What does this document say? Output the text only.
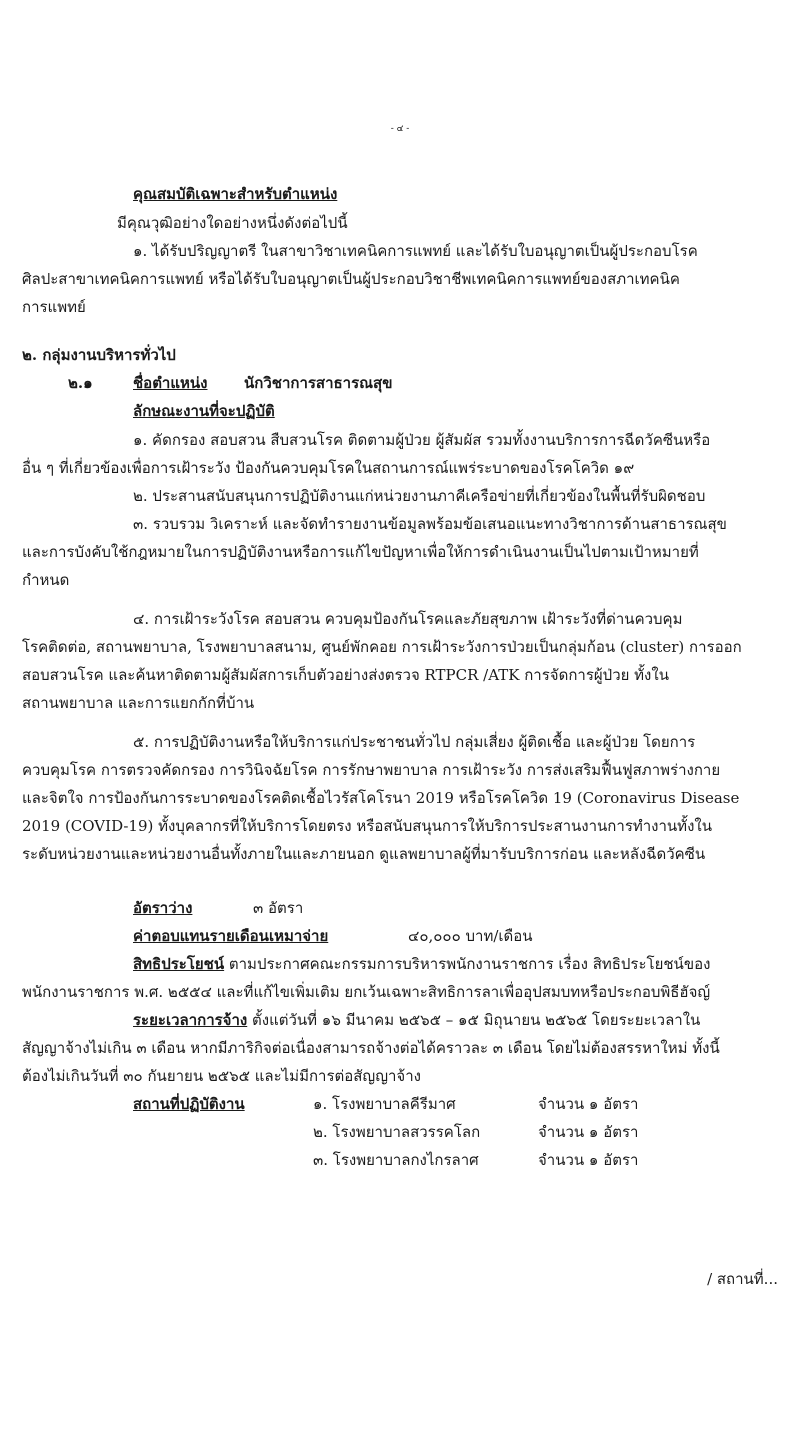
- ๔ -
คุณสมบัติเฉพาะสำหรับตำแหน่ง
มีคุณวุฒิอย่างใดอย่างหนึ่งดังต่อไปนี้
๑. ได้รับปริญญาตรี ในสาขาวิชาเทคนิคการแพทย์ และได้รับใบอนุญาตเป็นผู้ประกอบโรค
ศิลปะสาขาเทคนิคการแพทย์ หรือได้รับใบอนุญาตเป็นผู้ประกอบวิชาชีพเทคนิคการแพทย์ของสภาเทคนิค
การแพทย์
๒. กลุ่มงานบริหารทั่วไป
๒.๑	ชื่อตำแหน่ง นักวิชาการสาธารณสุข
ลักษณะงานที่จะปฏิบัติ
๑. คัดกรอง สอบสวน สืบสวนโรค ติดตามผู้ป่วย ผู้สัมผัส รวมทั้งงานบริการการฉีดวัคซีนหรือ
อื่น ๆ ที่เกี่ยวข้องเพื่อการเฝ้าระวัง ป้องกันควบคุมโรคในสถานการณ์แพร่ระบาดของโรคโควิด ๑๙
๒. ประสานสนับสนุนการปฏิบัติงานแก่หน่วยงานภาคีเครือข่ายที่เกี่ยวข้องในพื้นที่รับผิดชอบ
๓. รวบรวม วิเคราะห์ และจัดทำรายงานข้อมูลพร้อมข้อเสนอแนะทางวิชาการด้านสาธารณสุข
และการบังคับใช้กฎหมายในการปฏิบัติงานหรือการแก้ไขปัญหาเพื่อให้การดำเนินงานเป็นไปตามเป้าหมายที่
กำหนด
๔. การเฝ้าระวังโรค สอบสวน ควบคุมป้องกันโรคและภัยสุขภาพ เฝ้าระวังที่ด่านควบคุม
โรคติดต่อ, สถานพยาบาล, โรงพยาบาลสนาม, ศูนย์พักคอย การเฝ้าระวังการป่วยเป็นกลุ่มก้อน (cluster) การออก
สอบสวนโรค และค้นหาติดตามผู้สัมผัสการเก็บตัวอย่างส่งตรวจ RTPCR /ATK การจัดการผู้ป่วย ทั้งใน
สถานพยาบาล และการแยกกักที่บ้าน
๕. การปฏิบัติงานหรือให้บริการแก่ประชาชนทั่วไป กลุ่มเสี่ยง ผู้ติดเชื้อ และผู้ป่วย โดยการ
ควบคุมโรค การตรวจคัดกรอง การวินิจฉัยโรค การรักษาพยาบาล การเฝ้าระวัง การส่งเสริมฟื้นฟูสภาพร่างกาย
และจิตใจ การป้องกันการระบาดของโรคติดเชื้อไวรัสโคโรนา 2019 หรือโรคโควิด 19 (Coronavirus Disease
2019 (COVID-19) ทั้งบุคลากรที่ให้บริการโดยตรง หรือสนับสนุนการให้บริการประสานงานการทำงานทั้งใน
ระดับหน่วยงานและหน่วยงานอื่นทั้งภายในและภายนอก ดูแลพยาบาลผู้ที่มารับบริการก่อน และหลังฉีดวัคซีน
อัตราว่าง	๓ อัตรา
ค่าตอบแทนรายเดือนเหมาจ่าย	๔๐,๐๐๐ บาท/เดือน
สิทธิประโยชน์ ตามประกาศคณะกรรมการบริหารพนักงานราชการ เรื่อง สิทธิประโยชน์ของ
พนักงานราชการ พ.ศ. ๒๕๕๔ และที่แก้ไขเพิ่มเติม ยกเว้นเฉพาะสิทธิการลาเพื่ออุปสมบทหรือประกอบพิธีฮัจญ์
ระยะเวลาการจ้าง ตั้งแต่วันที่ ๑๖ มีนาคม ๒๕๖๕ – ๑๕ มิถุนายน ๒๕๖๕ โดยระยะเวลาใน
สัญญาจ้างไม่เกิน ๓ เดือน หากมีภาริกิจต่อเนื่องสามารถจ้างต่อได้คราวละ ๓ เดือน โดยไม่ต้องสรรหาใหม่ ทั้งนี้
ต้องไม่เกินวันที่ ๓๐ กันยายน ๒๕๖๕ และไม่มีการต่อสัญญาจ้าง
สถานที่ปฏิบัติงาน	๑. โรงพยาบาลคีรีมาศ	จำนวน ๑ อัตรา
๒. โรงพยาบาลสวรรคโลก	จำนวน ๑ อัตรา
๓. โรงพยาบาลกงไกรลาศ	จำนวน ๑ อัตรา
/ สถานที่...
